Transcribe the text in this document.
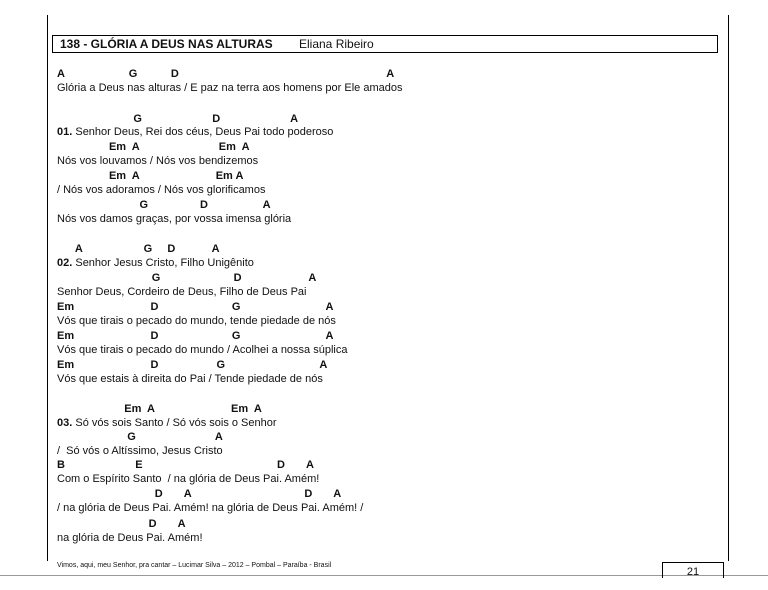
138 - GLÓRIA A DEUS NAS ALTURAS Eliana Ribeiro
A                     G           D                                                                    A
Glória a Deus nas alturas / E paz na terra aos homens por Ele amados
G                       D                       A
01. Senhor Deus, Rei dos céus, Deus Pai todo poderoso
Em  A                          Em  A
Nós vos louvamos / Nós vos bendizemos
Em  A                         Em A
/ Nós vos adoramos / Nós vos glorificamos
G                 D                  A
Nós vos damos graças, por vossa imensa glória
A                    G     D            A
02. Senhor Jesus Cristo, Filho Unigênito
G                        D                      A
Senhor Deus, Cordeiro de Deus, Filho de Deus Pai
Em                         D                        G                            A
Vós que tirais o pecado do mundo, tende piedade de nós
Em                         D                        G                            A
Vós que tirais o pecado do mundo / Acolhei a nossa súplica
Em                         D                   G                               A
Vós que estais à direita do Pai / Tende piedade de nós
Em  A                         Em  A
03. Só vós sois Santo / Só vós sois o Senhor
G                          A
/  Só vós o Altíssimo, Jesus Cristo
B                       E                                            D       A
Com o Espírito Santo  / na glória de Deus Pai. Amém!
D       A                                     D       A
/ na glória de Deus Pai. Amém! na glória de Deus Pai. Amém! /
D       A
na glória de Deus Pai. Amém!
Vimos, aqui, meu Senhor, pra cantar – Lucimar Silva – 2012 – Pombal – Paraíba - Brasil
21
